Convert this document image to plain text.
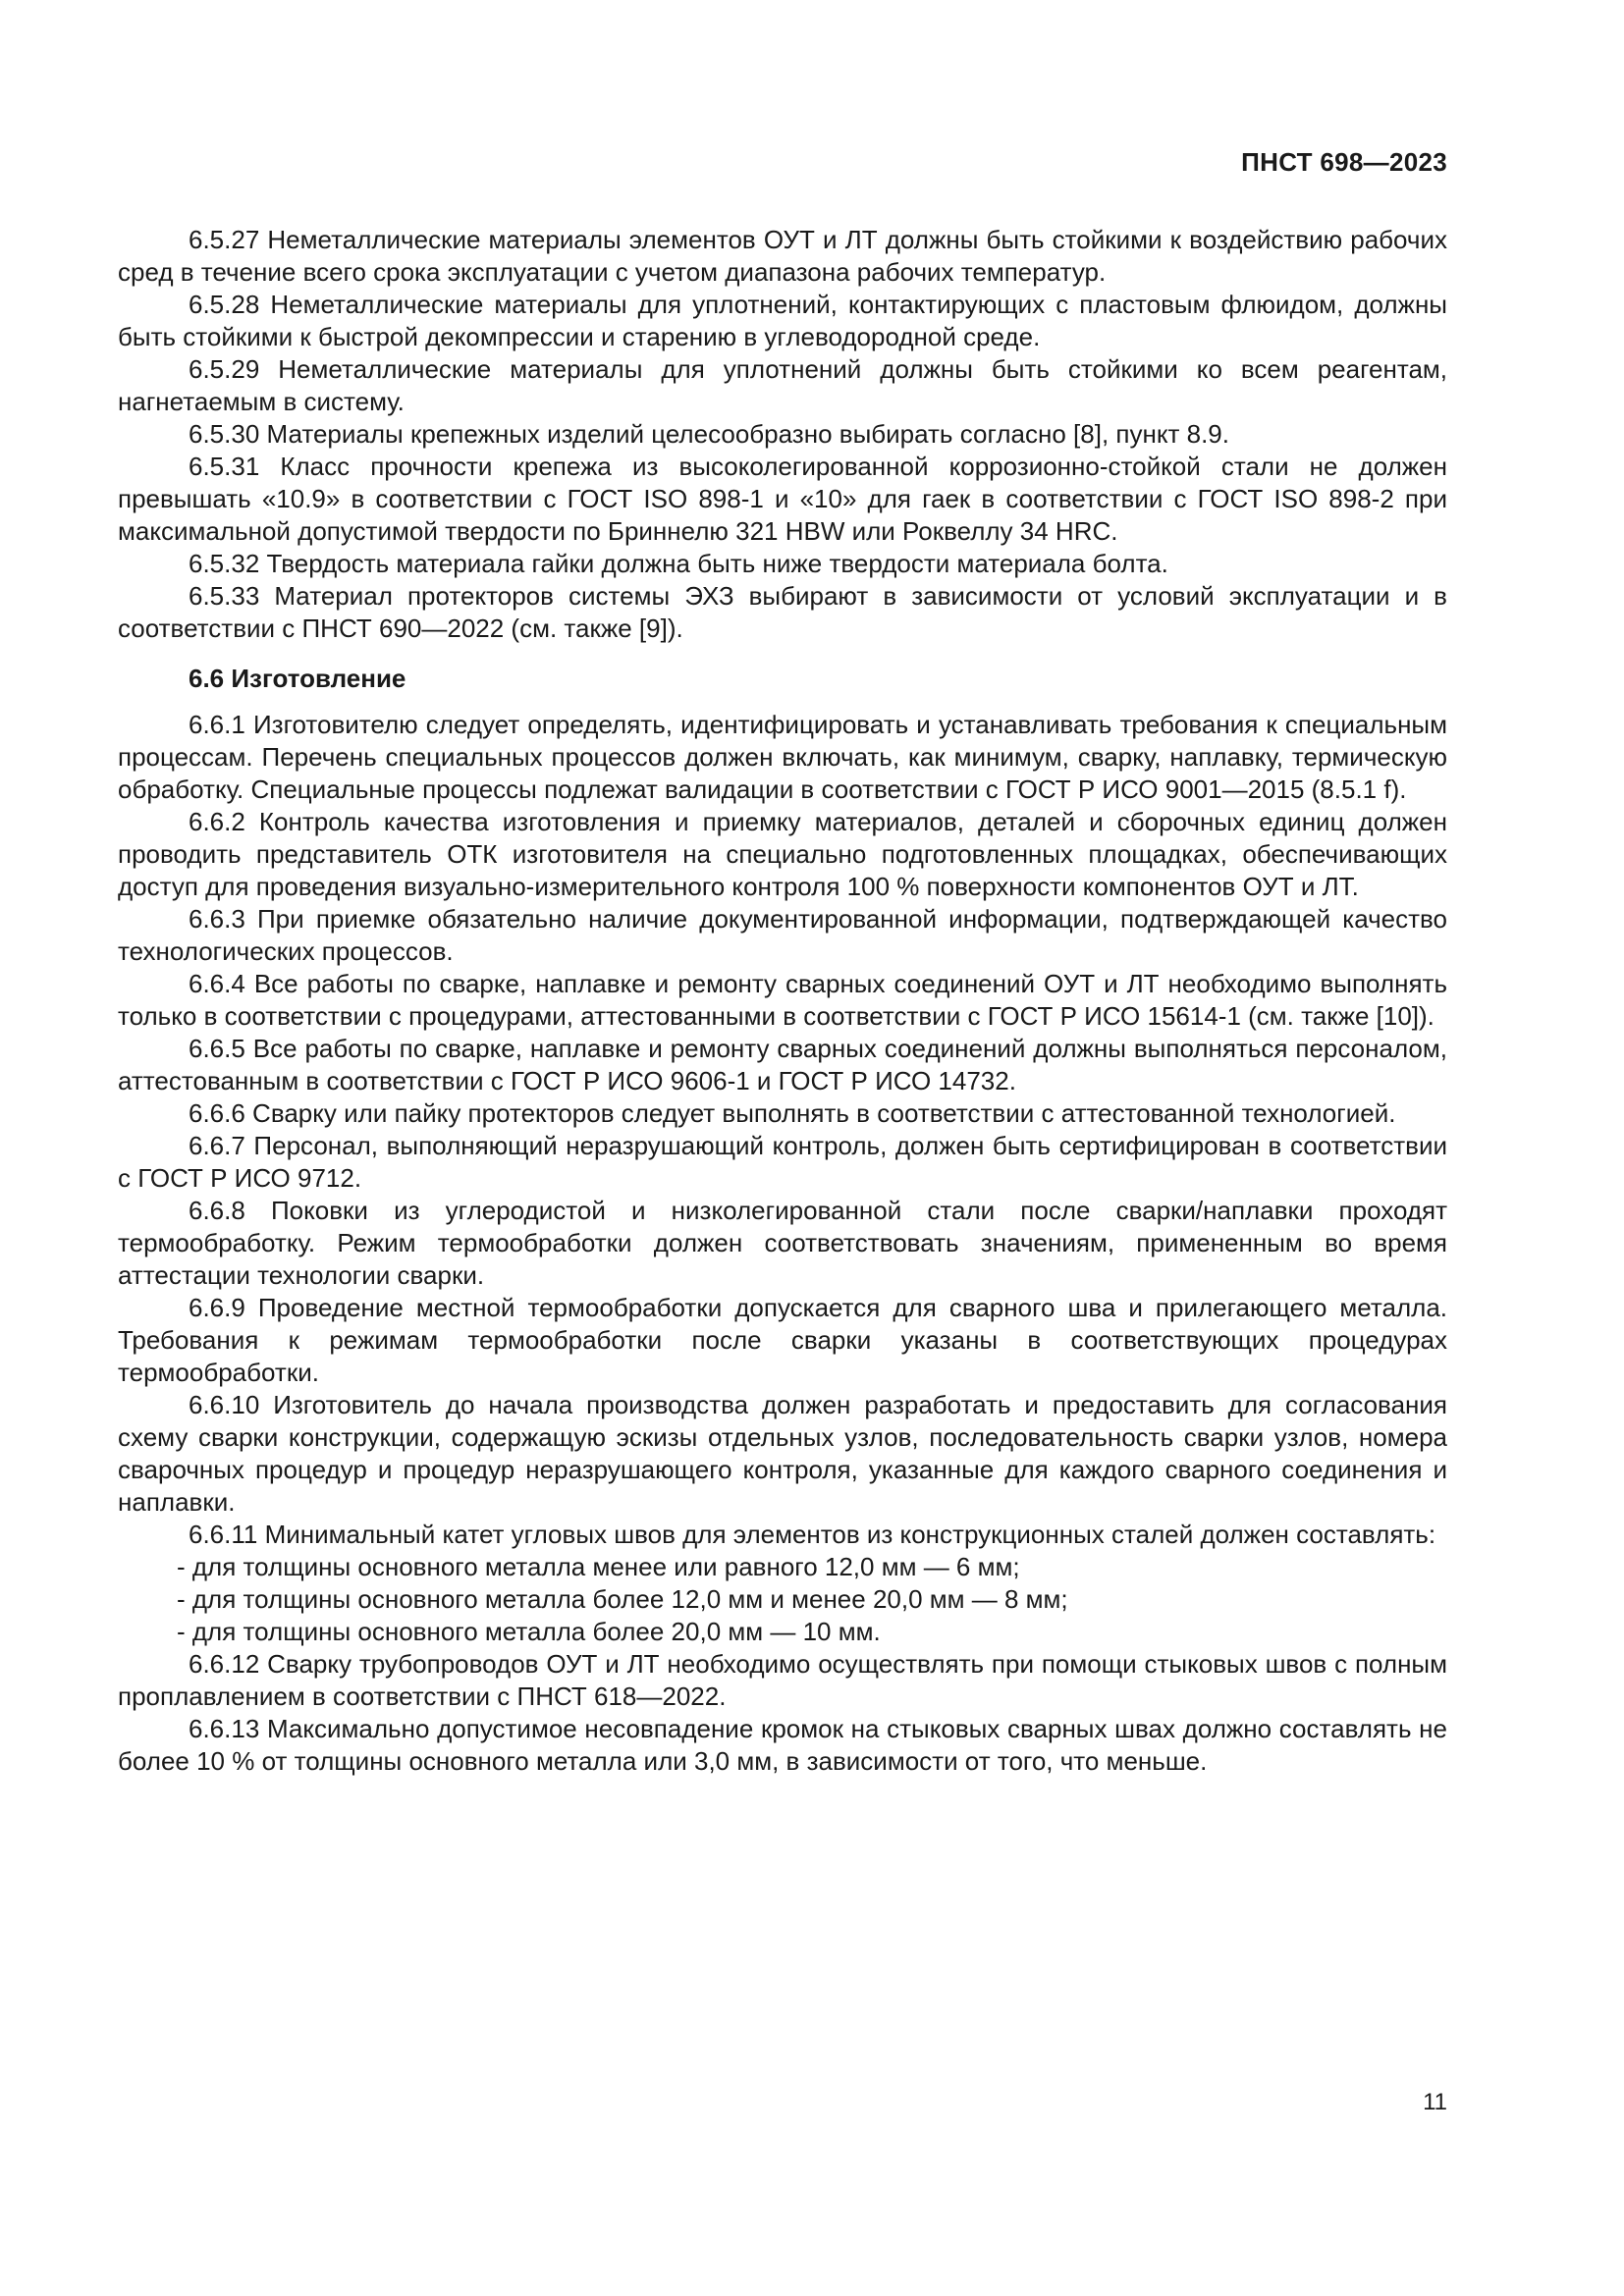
ПНСТ 698—2023

6.5.27 Неметаллические материалы элементов ОУТ и ЛТ должны быть стойкими к воздействию рабочих сред в течение всего срока эксплуатации с учетом диапазона рабочих температур.

6.5.28 Неметаллические материалы для уплотнений, контактирующих с пластовым флюидом, должны быть стойкими к быстрой декомпрессии и старению в углеводородной среде.

6.5.29 Неметаллические материалы для уплотнений должны быть стойкими ко всем реагентам, нагнетаемым в систему.

6.5.30 Материалы крепежных изделий целесообразно выбирать согласно [8], пункт 8.9.

6.5.31 Класс прочности крепежа из высоколегированной коррозионно-стойкой стали не должен превышать «10.9» в соответствии с ГОСТ ISO 898-1 и «10» для гаек в соответствии с ГОСТ ISO 898-2 при максимальной допустимой твердости по Бриннелю 321 HBW или Роквеллу 34 HRC.

6.5.32 Твердость материала гайки должна быть ниже твердости материала болта.

6.5.33 Материал протекторов системы ЭХЗ выбирают в зависимости от условий эксплуатации и в соответствии с ПНСТ 690—2022 (см. также [9]).

6.6 Изготовление

6.6.1 Изготовителю следует определять, идентифицировать и устанавливать требования к специальным процессам. Перечень специальных процессов должен включать, как минимум, сварку, наплавку, термическую обработку. Специальные процессы подлежат валидации в соответствии с ГОСТ Р ИСО 9001—2015 (8.5.1 f).

6.6.2 Контроль качества изготовления и приемку материалов, деталей и сборочных единиц должен проводить представитель ОТК изготовителя на специально подготовленных площадках, обеспечивающих доступ для проведения визуально-измерительного контроля 100 % поверхности компонентов ОУТ и ЛТ.

6.6.3 При приемке обязательно наличие документированной информации, подтверждающей качество технологических процессов.

6.6.4 Все работы по сварке, наплавке и ремонту сварных соединений ОУТ и ЛТ необходимо выполнять только в соответствии с процедурами, аттестованными в соответствии с ГОСТ Р ИСО 15614-1 (см. также [10]).

6.6.5 Все работы по сварке, наплавке и ремонту сварных соединений должны выполняться персоналом, аттестованным в соответствии с ГОСТ Р ИСО 9606-1 и ГОСТ Р ИСО 14732.

6.6.6 Сварку или пайку протекторов следует выполнять в соответствии с аттестованной технологией.

6.6.7 Персонал, выполняющий неразрушающий контроль, должен быть сертифицирован в соответствии с ГОСТ Р ИСО 9712.

6.6.8 Поковки из углеродистой и низколегированной стали после сварки/наплавки проходят термообработку. Режим термообработки должен соответствовать значениям, примененным во время аттестации технологии сварки.

6.6.9 Проведение местной термообработки допускается для сварного шва и прилегающего металла. Требования к режимам термообработки после сварки указаны в соответствующих процедурах термообработки.

6.6.10 Изготовитель до начала производства должен разработать и предоставить для согласования схему сварки конструкции, содержащую эскизы отдельных узлов, последовательность сварки узлов, номера сварочных процедур и процедур неразрушающего контроля, указанные для каждого сварного соединения и наплавки.

6.6.11 Минимальный катет угловых швов для элементов из конструкционных сталей должен составлять:

- для толщины основного металла менее или равного 12,0 мм — 6 мм;

- для толщины основного металла более 12,0 мм и менее 20,0 мм — 8 мм;

- для толщины основного металла более 20,0 мм — 10 мм.

6.6.12 Сварку трубопроводов ОУТ и ЛТ необходимо осуществлять при помощи стыковых швов с полным проплавлением в соответствии с ПНСТ 618—2022.

6.6.13 Максимально допустимое несовпадение кромок на стыковых сварных швах должно составлять не более 10 % от толщины основного металла или 3,0 мм, в зависимости от того, что меньше.

11
